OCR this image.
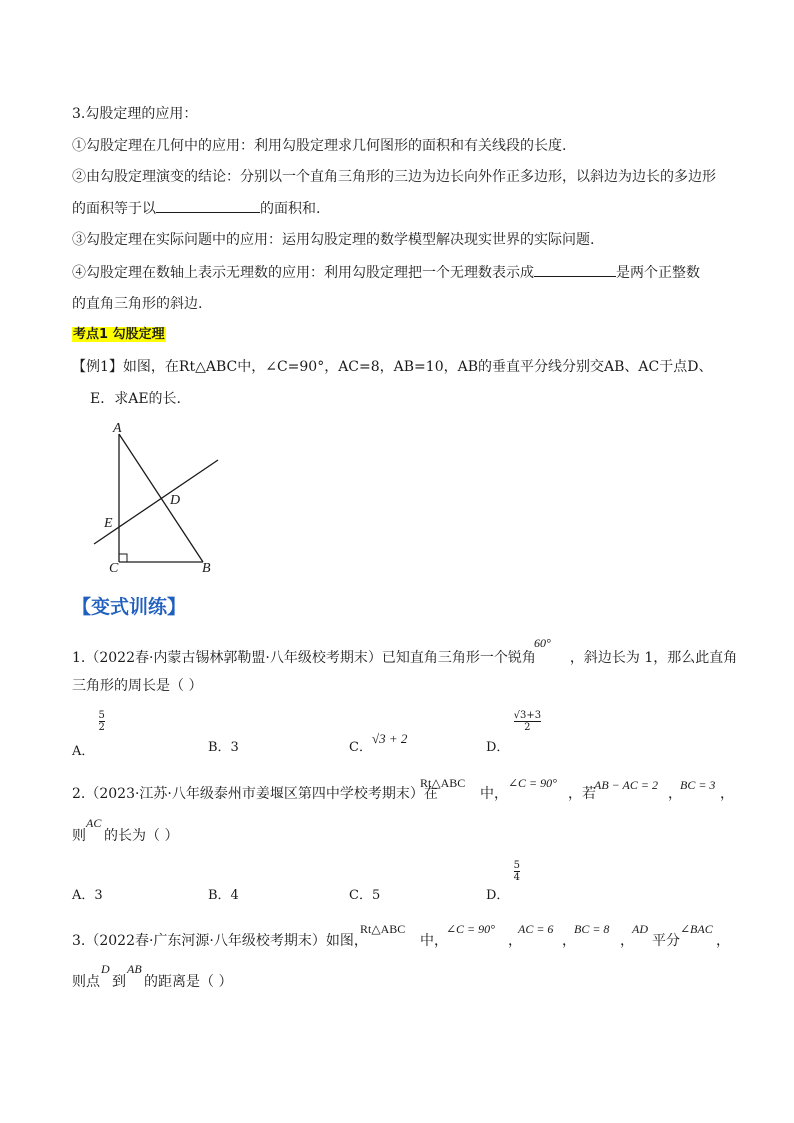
3.勾股定理的应用：
①勾股定理在几何中的应用：利用勾股定理求几何图形的面积和有关线段的长度.
②由勾股定理演变的结论：分别以一个直角三角形的三边为边长向外作正多边形，以斜边为边长的多边形
的面积等于以	的面积和.
③勾股定理在实际问题中的应用：运用勾股定理的数学模型解决现实世界的实际问题.
④勾股定理在数轴上表示无理数的应用：利用勾股定理把一个无理数表示成	是两个正整数
的直角三角形的斜边.
考点1 勾股定理
【例1】如图，在Rt△ABC中，∠C=90°，AC=8，AB=10，AB的垂直平分线分别交AB、AC于点D、
E．求AE的长.
A
D
E
C	B
【变式训练】
1.（2022春·内蒙古锡林郭勒盟·八年级校考期末）已知直角三角形一个锐角 ，斜边长为 1，那么此直角
60°
三角形的周长是（ ）
A．
$\frac{5}{2}$
B．3	C．√3 + 2
D．
$\frac{√3+3}{2}$
2.（2023·江苏·八年级泰州市姜堰区第四中学校考期末）在
Rt△ABC
中，
∠C = 90°
，若
AB − AC = 2
，
BC = 3
，
则 的长为（ ）
AC
A．3	B．4	C．5	D．
$\frac{5}{4}$
3.（2022春·广东河源·八年级校考期末）如图，
Rt△ABC
中，
∠C = 90°
，
AC = 6
，
BC = 8
，
AD
平分
∠BAC
，
则点 到 的距离是（ ）
D AB
